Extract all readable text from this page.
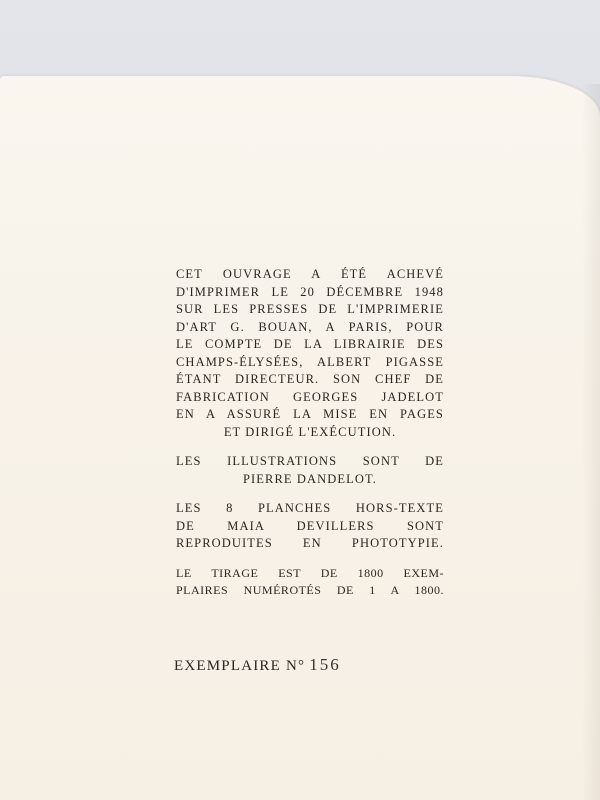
CET OUVRAGE A ÉTÉ ACHEVÉ
D'IMPRIMER LE 20 DÉCEMBRE 1948
SUR LES PRESSES DE L'IMPRIMERIE
D'ART G. BOUAN, A PARIS, POUR
LE COMPTE DE LA LIBRAIRIE DES
CHAMPS-ÉLYSÉES, ALBERT PIGASSE
ÉTANT DIRECTEUR. SON CHEF DE
FABRICATION GEORGES JADELOT
EN A ASSURÉ LA MISE EN PAGES
ET DIRIGÉ L'EXÉCUTION.
LES ILLUSTRATIONS SONT DE
PIERRE DANDELOT.
LES 8 PLANCHES HORS-TEXTE
DE MAIA DEVILLERS SONT
REPRODUITES EN PHOTOTYPIE.
LE TIRAGE EST DE 1800 EXEM-
PLAIRES NUMÉROTÉS DE 1 A 1800.
EXEMPLAIRE N° 156
